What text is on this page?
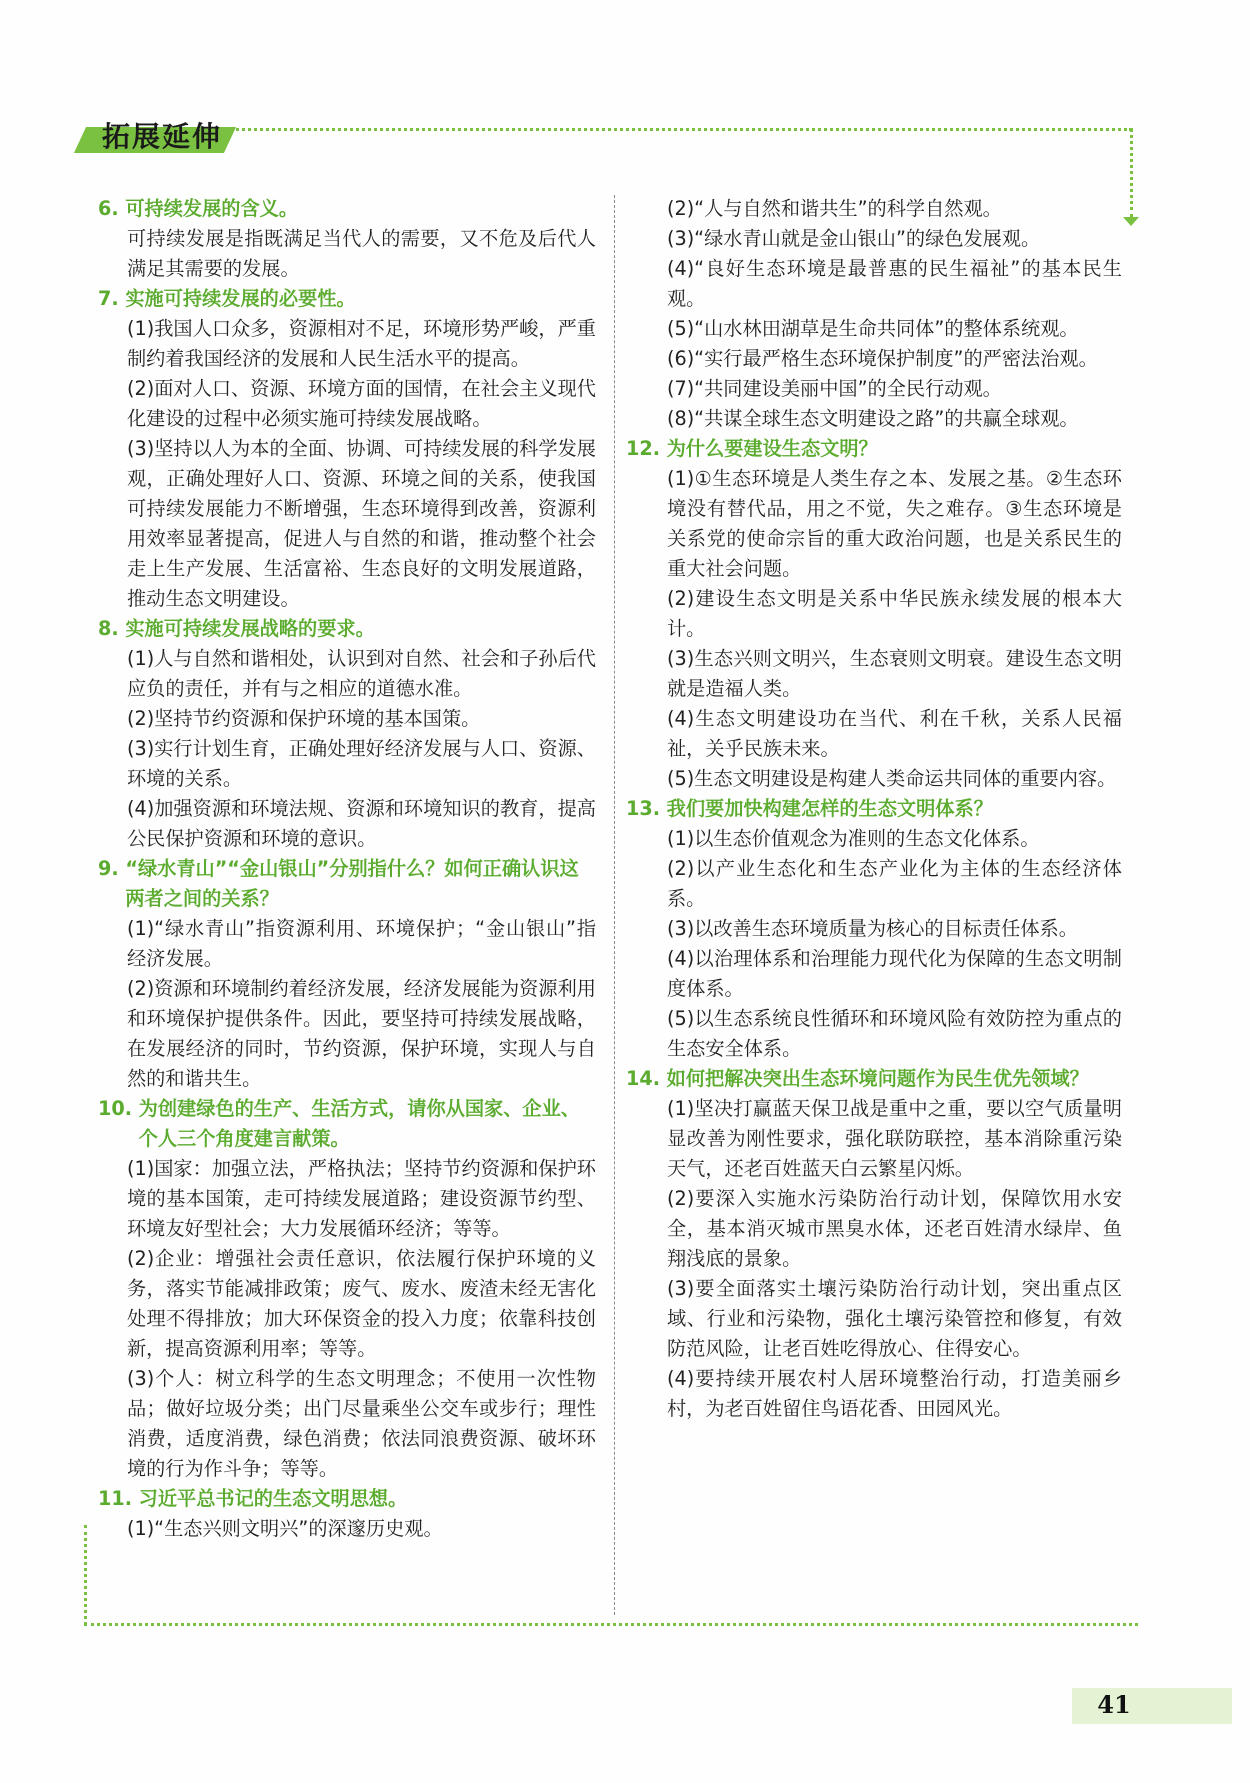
拓展延伸
6. 可持续发展的含义。
可持续发展是指既满足当代人的需要，又不危及后代人满足其需要的发展。
7. 实施可持续发展的必要性。
(1)我国人口众多，资源相对不足，环境形势严峻，严重制约着我国经济的发展和人民生活水平的提高。
(2)面对人口、资源、环境方面的国情，在社会主义现代化建设的过程中必须实施可持续发展战略。
(3)坚持以人为本的全面、协调、可持续发展的科学发展观，正确处理好人口、资源、环境之间的关系，使我国可持续发展能力不断增强，生态环境得到改善，资源利用效率显著提高，促进人与自然的和谐，推动整个社会走上生产发展、生活富裕、生态良好的文明发展道路，推动生态文明建设。
8. 实施可持续发展战略的要求。
(1)人与自然和谐相处，认识到对自然、社会和子孙后代应负的责任，并有与之相应的道德水准。
(2)坚持节约资源和保护环境的基本国策。
(3)实行计划生育，正确处理好经济发展与人口、资源、环境的关系。
(4)加强资源和环境法规、资源和环境知识的教育，提高公民保护资源和环境的意识。
9. “绿水青山”“金山银山”分别指什么？如何正确认识这两者之间的关系？
(1)“绿水青山”指资源利用、环境保护；“金山银山”指经济发展。
(2)资源和环境制约着经济发展，经济发展能为资源利用和环境保护提供条件。因此，要坚持可持续发展战略，在发展经济的同时，节约资源，保护环境，实现人与自然的和谐共生。
10. 为创建绿色的生产、生活方式，请你从国家、企业、个人三个角度建言献策。
(1)国家：加强立法，严格执法；坚持节约资源和保护环境的基本国策，走可持续发展道路；建设资源节约型、环境友好型社会；大力发展循环经济；等等。
(2)企业：增强社会责任意识，依法履行保护环境的义务，落实节能减排政策；废气、废水、废渣未经无害化处理不得排放；加大环保资金的投入力度；依靠科技创新，提高资源利用率；等等。
(3)个人：树立科学的生态文明理念；不使用一次性物品；做好垃圾分类；出门尽量乘坐公交车或步行；理性消费，适度消费，绿色消费；依法同浪费资源、破坏环境的行为作斗争；等等。
11. 习近平总书记的生态文明思想。
(1)“生态兴则文明兴”的深邃历史观。
(2)“人与自然和谐共生”的科学自然观。
(3)“绿水青山就是金山银山”的绿色发展观。
(4)“良好生态环境是最普惠的民生福祉”的基本民生观。
(5)“山水林田湖草是生命共同体”的整体系统观。
(6)“实行最严格生态环境保护制度”的严密法治观。
(7)“共同建设美丽中国”的全民行动观。
(8)“共谋全球生态文明建设之路”的共赢全球观。
12. 为什么要建设生态文明？
(1)①生态环境是人类生存之本、发展之基。②生态环境没有替代品，用之不觉，失之难存。③生态环境是关系党的使命宗旨的重大政治问题，也是关系民生的重大社会问题。
(2)建设生态文明是关系中华民族永续发展的根本大计。
(3)生态兴则文明兴，生态衰则文明衰。建设生态文明就是造福人类。
(4)生态文明建设功在当代、利在千秋，关系人民福祉，关乎民族未来。
(5)生态文明建设是构建人类命运共同体的重要内容。
13. 我们要加快构建怎样的生态文明体系？
(1)以生态价值观念为准则的生态文化体系。
(2)以产业生态化和生态产业化为主体的生态经济体系。
(3)以改善生态环境质量为核心的目标责任体系。
(4)以治理体系和治理能力现代化为保障的生态文明制度体系。
(5)以生态系统良性循环和环境风险有效防控为重点的生态安全体系。
14. 如何把解决突出生态环境问题作为民生优先领域？
(1)坚决打赢蓝天保卫战是重中之重，要以空气质量明显改善为刚性要求，强化联防联控，基本消除重污染天气，还老百姓蓝天白云繁星闪烁。
(2)要深入实施水污染防治行动计划，保障饮用水安全，基本消灭城市黑臭水体，还老百姓清水绿岸、鱼翔浅底的景象。
(3)要全面落实土壤污染防治行动计划，突出重点区域、行业和污染物，强化土壤污染管控和修复，有效防范风险，让老百姓吃得放心、住得安心。
(4)要持续开展农村人居环境整治行动，打造美丽乡村，为老百姓留住鸟语花香、田园风光。
41
